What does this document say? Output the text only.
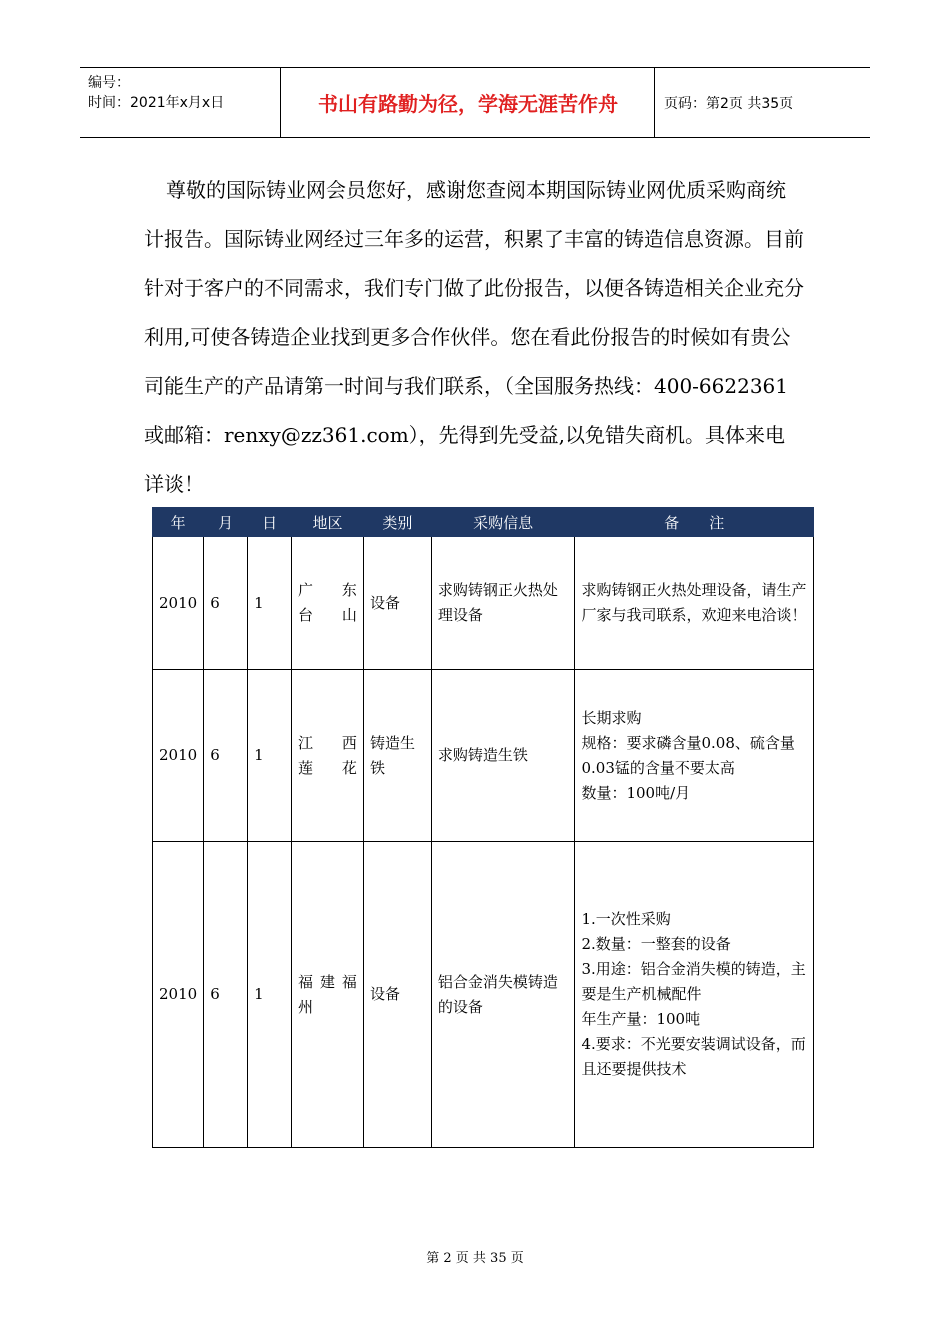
编号：
时间：2021年x月x日	书山有路勤为径，学海无涯苦作舟	页码：第2页 共35页

尊敬的国际铸业网会员您好，感谢您查阅本期国际铸业网优质采购商统计报告。国际铸业网经过三年多的运营，积累了丰富的铸造信息资源。目前针对于客户的不同需求，我们专门做了此份报告，以便各铸造相关企业充分利用,可使各铸造企业找到更多合作伙伴。您在看此份报告的时候如有贵公司能生产的产品请第一时间与我们联系，（全国服务热线：400-6622361或邮箱：renxy@zz361.com），先得到先受益,以免错失商机。具体来电详谈！

年	月	日	地区	类别	采购信息	备　　注
2010	6	1	广　东台山	设备	求购铸钢正火热处理设备	求购铸钢正火热处理设备，请生产厂家与我司联系，欢迎来电洽谈！
2010	6	1	江　西莲花	铸造生铁	求购铸造生铁	长期求购
规格：要求磷含量0.08、硫含量0.03锰的含量不要太高
数量：100吨/月
2010	6	1	福建福州	设备	铝合金消失模铸造的设备	1.一次性采购
2.数量：一整套的设备
3.用途：铝合金消失模的铸造，主要是生产机械配件
年生产量：100吨
4.要求：不光要安装调试设备，而且还要提供技术
第 2 页 共 35 页
